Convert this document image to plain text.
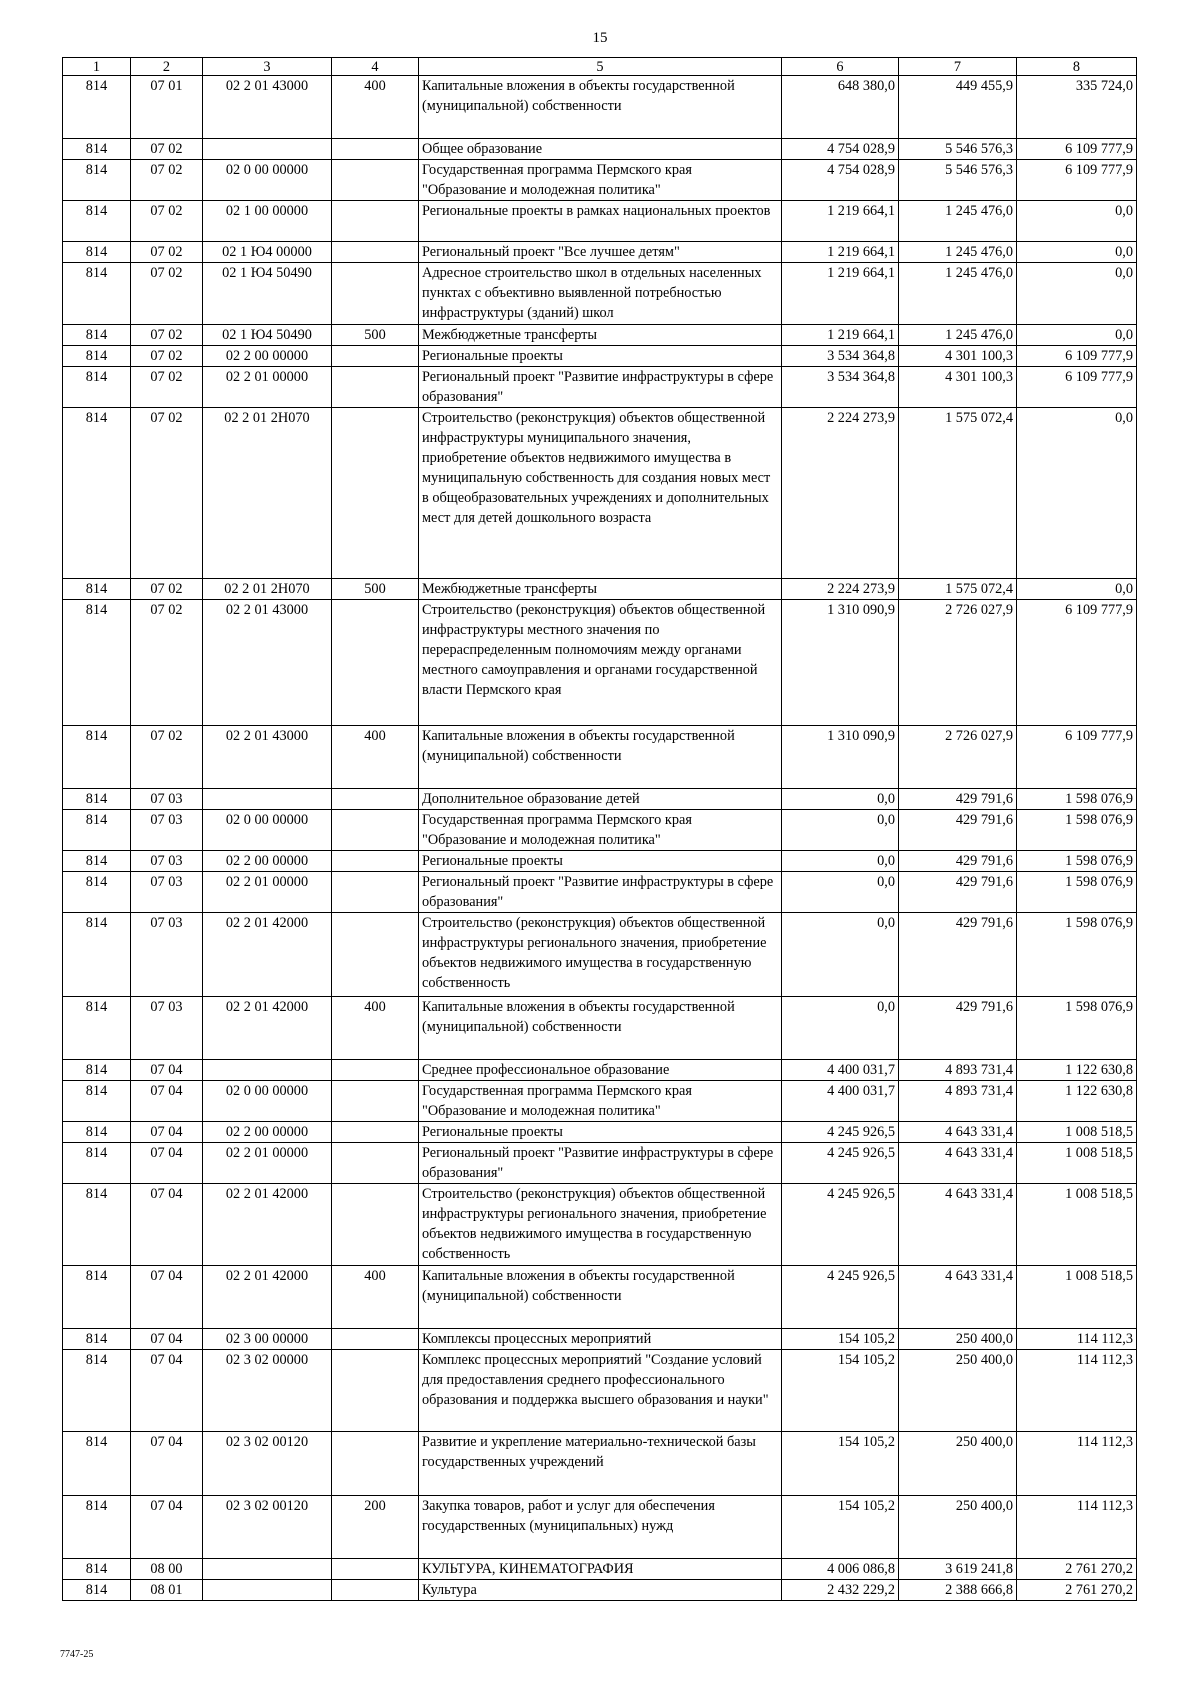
15
1	2	3	4	5	6	7	8
814	07 01	02 2 01 43000	400	Капитальные вложения в объекты государственной (муниципальной) собственности	648 380,0	449 455,9	335 724,0
814	07 02			Общее образование	4 754 028,9	5 546 576,3	6 109 777,9
814	07 02	02 0 00 00000		Государственная программа Пермского края "Образование и молодежная политика"	4 754 028,9	5 546 576,3	6 109 777,9
814	07 02	02 1 00 00000		Региональные проекты в рамках национальных проектов	1 219 664,1	1 245 476,0	0,0
814	07 02	02 1 Ю4 00000		Региональный проект "Все лучшее детям"	1 219 664,1	1 245 476,0	0,0
814	07 02	02 1 Ю4 50490		Адресное строительство школ в отдельных населенных пунктах с объективно выявленной потребностью инфраструктуры (зданий) школ	1 219 664,1	1 245 476,0	0,0
814	07 02	02 1 Ю4 50490	500	Межбюджетные трансферты	1 219 664,1	1 245 476,0	0,0
814	07 02	02 2 00 00000		Региональные проекты	3 534 364,8	4 301 100,3	6 109 777,9
814	07 02	02 2 01 00000		Региональный проект "Развитие инфраструктуры в сфере образования"	3 534 364,8	4 301 100,3	6 109 777,9
814	07 02	02 2 01 2Н070		Строительство (реконструкция) объектов общественной инфраструктуры муниципального значения, приобретение объектов недвижимого имущества в муниципальную собственность для создания новых мест в общеобразовательных учреждениях и дополнительных мест для детей дошкольного возраста	2 224 273,9	1 575 072,4	0,0
814	07 02	02 2 01 2Н070	500	Межбюджетные трансферты	2 224 273,9	1 575 072,4	0,0
814	07 02	02 2 01 43000		Строительство (реконструкция) объектов общественной инфраструктуры местного значения по перераспределенным полномочиям между органами местного самоуправления и органами государственной власти Пермского края	1 310 090,9	2 726 027,9	6 109 777,9
814	07 02	02 2 01 43000	400	Капитальные вложения в объекты государственной (муниципальной) собственности	1 310 090,9	2 726 027,9	6 109 777,9
814	07 03			Дополнительное образование детей	0,0	429 791,6	1 598 076,9
814	07 03	02 0 00 00000		Государственная программа Пермского края "Образование и молодежная политика"	0,0	429 791,6	1 598 076,9
814	07 03	02 2 00 00000		Региональные проекты	0,0	429 791,6	1 598 076,9
814	07 03	02 2 01 00000		Региональный проект "Развитие инфраструктуры в сфере образования"	0,0	429 791,6	1 598 076,9
814	07 03	02 2 01 42000		Строительство (реконструкция) объектов общественной инфраструктуры регионального значения, приобретение объектов недвижимого имущества в государственную собственность	0,0	429 791,6	1 598 076,9
814	07 03	02 2 01 42000	400	Капитальные вложения в объекты государственной (муниципальной) собственности	0,0	429 791,6	1 598 076,9
814	07 04			Среднее профессиональное образование	4 400 031,7	4 893 731,4	1 122 630,8
814	07 04	02 0 00 00000		Государственная программа Пермского края "Образование и молодежная политика"	4 400 031,7	4 893 731,4	1 122 630,8
814	07 04	02 2 00 00000		Региональные проекты	4 245 926,5	4 643 331,4	1 008 518,5
814	07 04	02 2 01 00000		Региональный проект "Развитие инфраструктуры в сфере образования"	4 245 926,5	4 643 331,4	1 008 518,5
814	07 04	02 2 01 42000		Строительство (реконструкция) объектов общественной инфраструктуры регионального значения, приобретение объектов недвижимого имущества в государственную собственность	4 245 926,5	4 643 331,4	1 008 518,5
814	07 04	02 2 01 42000	400	Капитальные вложения в объекты государственной (муниципальной) собственности	4 245 926,5	4 643 331,4	1 008 518,5
814	07 04	02 3 00 00000		Комплексы процессных мероприятий	154 105,2	250 400,0	114 112,3
814	07 04	02 3 02 00000		Комплекс процессных мероприятий "Создание условий для предоставления среднего профессионального образования и поддержка высшего образования и науки"	154 105,2	250 400,0	114 112,3
814	07 04	02 3 02 00120		Развитие и укрепление материально-технической базы государственных учреждений	154 105,2	250 400,0	114 112,3
814	07 04	02 3 02 00120	200	Закупка товаров, работ и услуг для обеспечения государственных (муниципальных) нужд	154 105,2	250 400,0	114 112,3
814	08 00			КУЛЬТУРА, КИНЕМАТОГРАФИЯ	4 006 086,8	3 619 241,8	2 761 270,2
814	08 01			Культура	2 432 229,2	2 388 666,8	2 761 270,2
7747-25
